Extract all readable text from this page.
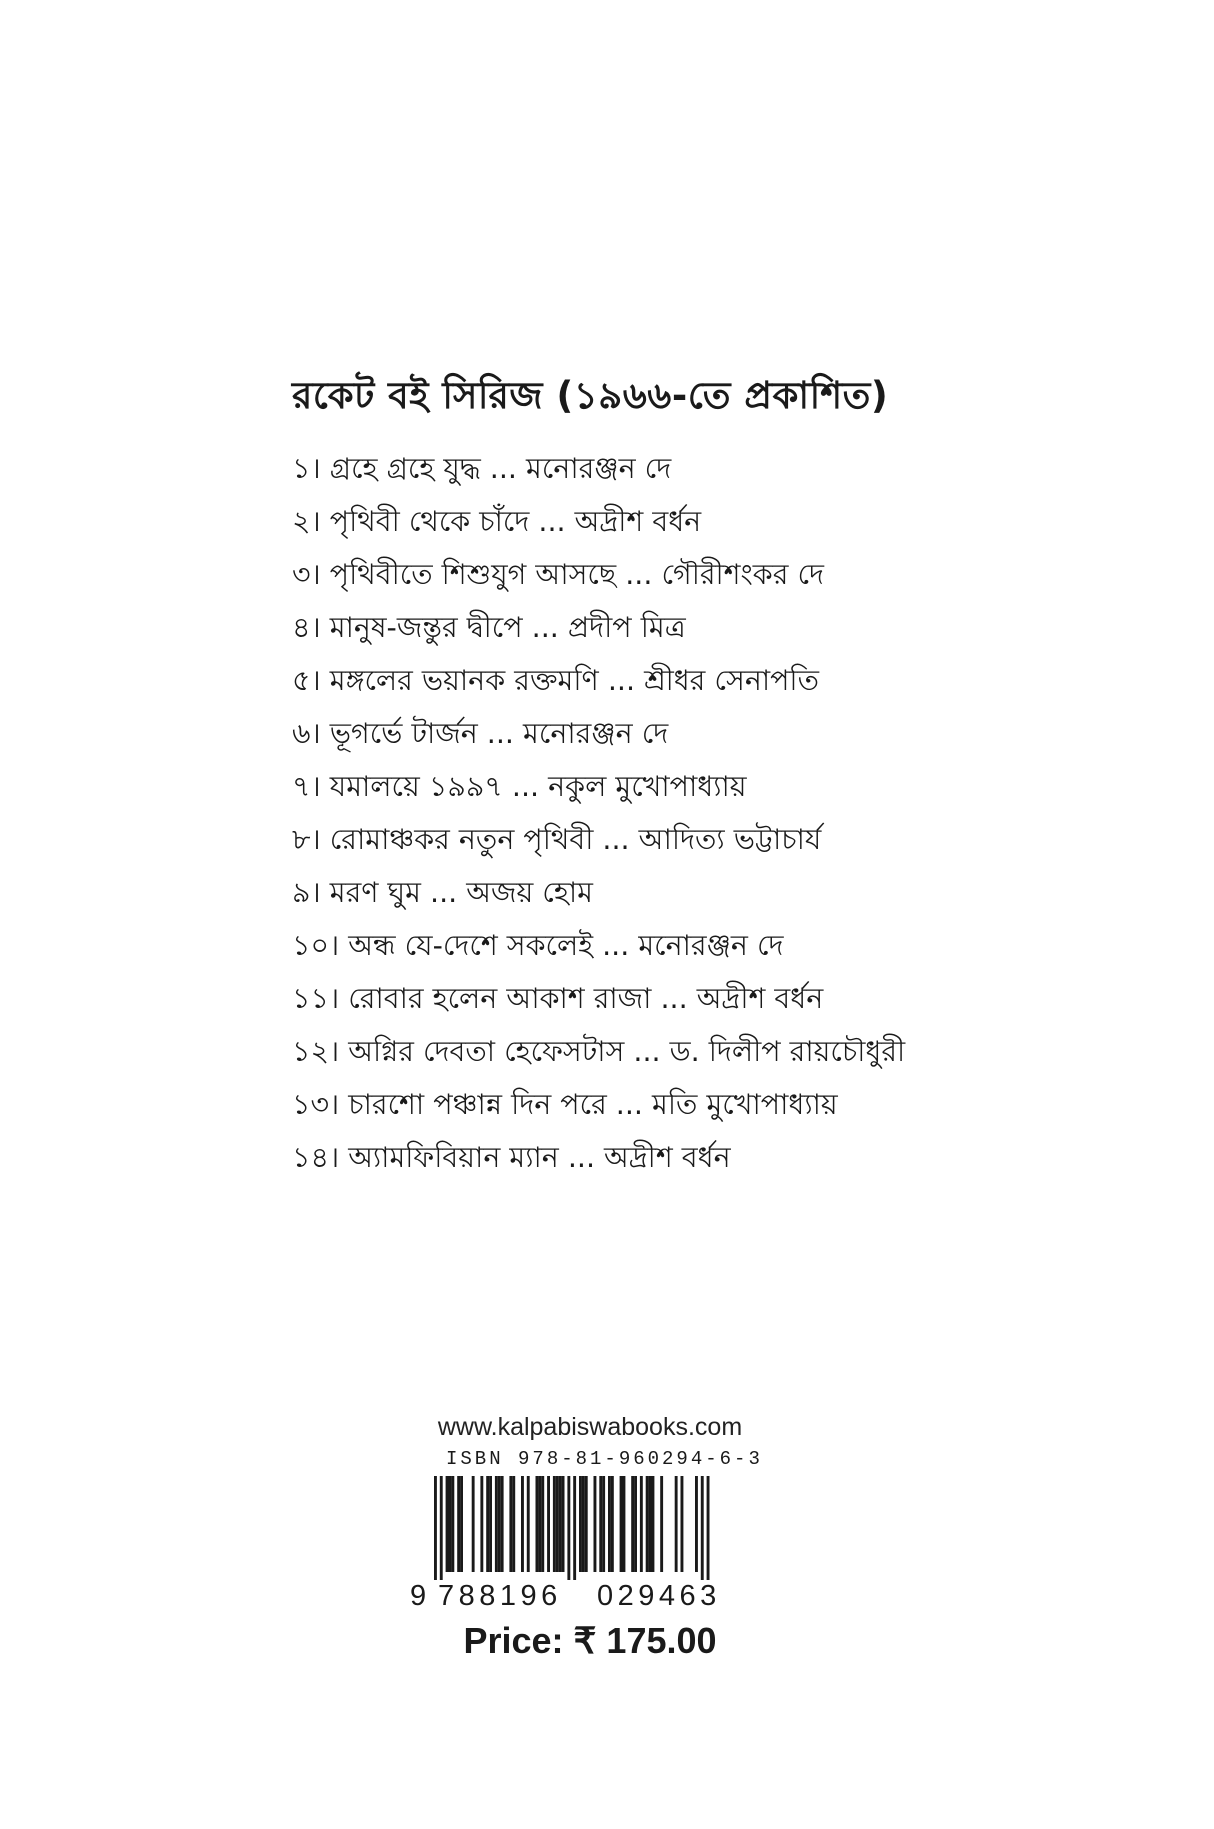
রকেট বই সিরিজ (১৯৬৬-তে প্রকাশিত)
১। গ্রহে গ্রহে যুদ্ধ ... মনোরঞ্জন দে
২। পৃথিবী থেকে চাঁদে ... অদ্রীশ বর্ধন
৩। পৃথিবীতে শিশুযুগ আসছে ... গৌরীশংকর দে
৪। মানুষ-জন্তুর দ্বীপে ... প্রদীপ মিত্র
৫। মঙ্গলের ভয়ানক রক্তমণি ... শ্রীধর সেনাপতি
৬। ভূগর্ভে টার্জন ... মনোরঞ্জন দে
৭। যমালয়ে ১৯৯৭ ... নকুল মুখোপাধ্যায়
৮। রোমাঞ্চকর নতুন পৃথিবী ... আদিত্য ভট্টাচার্য
৯। মরণ ঘুম ... অজয় হোম
১০। অন্ধ যে-দেশে সকলেই ... মনোরঞ্জন দে
১১। রোবার হলেন আকাশ রাজা ... অদ্রীশ বর্ধন
১২। অগ্নির দেবতা হেফেসটাস ... ড. দিলীপ রায়চৌধুরী
১৩। চারশো পঞ্চান্ন দিন পরে ... মতি মুখোপাধ্যায়
১৪। অ্যামফিবিয়ান ম্যান ... অদ্রীশ বর্ধন
www.kalpabiswabooks.com
ISBN 978-81-960294-6-3
9 788196 029463
Price: ₹ 175.00
